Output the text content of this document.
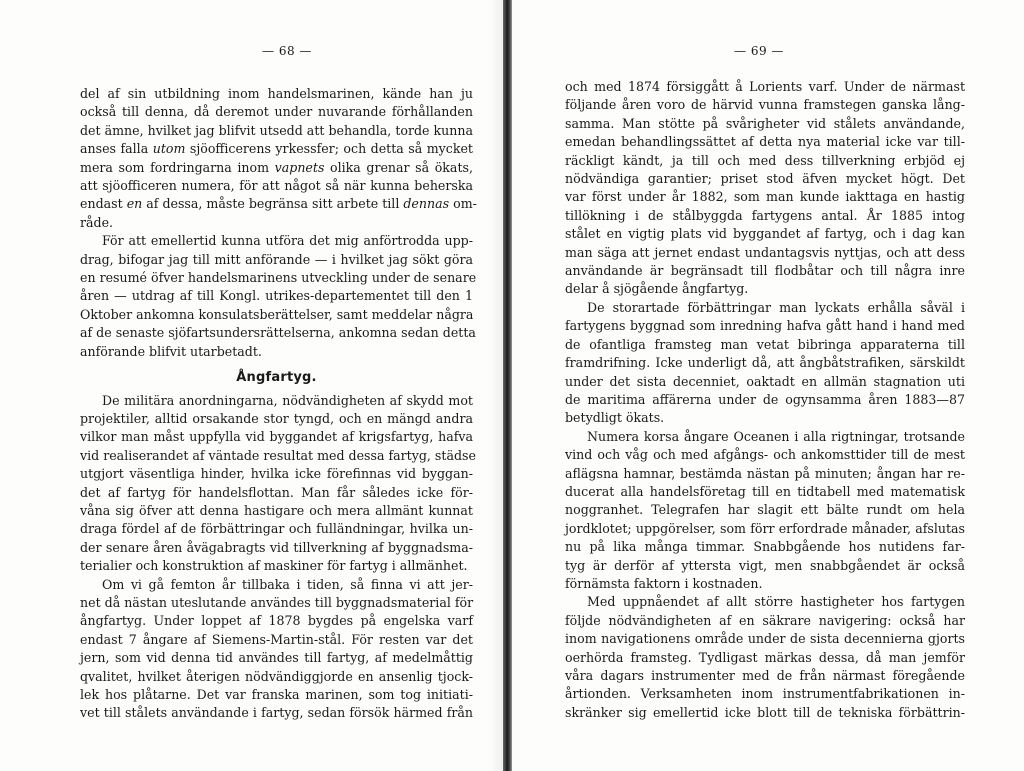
— 68 —
del af sin utbildning inom handelsmarinen, kände han ju
också till denna, då deremot under nuvarande förhållanden
det ämne, hvilket jag blifvit utsedd att behandla, torde kunna
anses falla utom sjöofficerens yrkessfer; och detta så mycket
mera som fordringarna inom vapnets olika grenar så ökats,
att sjöofficeren numera, för att något så när kunna beherska
endast en af dessa, måste begränsa sitt arbete till dennas om-
råde.
För att emellertid kunna utföra det mig anförtrodda upp-
drag, bifogar jag till mitt anförande — i hvilket jag sökt göra
en resumé öfver handelsmarinens utveckling under de senare
åren — utdrag af till Kongl. utrikes-departementet till den 1
Oktober ankomna konsulatsberättelser, samt meddelar några
af de senaste sjöfartsundersrättelserna, ankomna sedan detta
anförande blifvit utarbetadt.
Ångfartyg.
De militära anordningarna, nödvändigheten af skydd mot
projektiler, alltid orsakande stor tyngd, och en mängd andra
vilkor man måst uppfylla vid byggandet af krigsfartyg, hafva
vid realiserandet af väntade resultat med dessa fartyg, städse
utgjort väsentliga hinder, hvilka icke förefinnas vid byggan-
det af fartyg för handelsflottan. Man får således icke för-
våna sig öfver att denna hastigare och mera allmänt kunnat
draga fördel af de förbättringar och fulländningar, hvilka un-
der senare åren åvägabragts vid tillverkning af byggnadsma-
terialier och konstruktion af maskiner för fartyg i allmänhet.
Om vi gå femton år tillbaka i tiden, så finna vi att jer-
net då nästan uteslutande användes till byggnadsmaterial för
ångfartyg. Under loppet af 1878 bygdes på engelska varf
endast 7 ångare af Siemens-Martin-stål. För resten var det
jern, som vid denna tid användes till fartyg, af medelmåttig
qvalitet, hvilket återigen nödvändiggjorde en ansenlig tjock-
lek hos plåtarne. Det var franska marinen, som tog initiati-
vet till stålets användande i fartyg, sedan försök härmed från
— 69 —
och med 1874 försiggått å Lorients varf. Under de närmast
följande åren voro de härvid vunna framstegen ganska lång-
samma. Man stötte på svårigheter vid stålets användande,
emedan behandlingssättet af detta nya material icke var till-
räckligt kändt, ja till och med dess tillverkning erbjöd ej
nödvändiga garantier; priset stod äfven mycket högt. Det
var först under år 1882, som man kunde iakttaga en hastig
tillökning i de stålbyggda fartygens antal. År 1885 intog
stålet en vigtig plats vid byggandet af fartyg, och i dag kan
man säga att jernet endast undantagsvis nyttjas, och att dess
användande är begränsadt till flodbåtar och till några inre
delar å sjögående ångfartyg.
De storartade förbättringar man lyckats erhålla såväl i
fartygens byggnad som inredning hafva gått hand i hand med
de ofantliga framsteg man vetat bibringa apparaterna till
framdrifning. Icke underligt då, att ångbåtstrafiken, särskildt
under det sista decenniet, oaktadt en allmän stagnation uti
de maritima affärerna under de ogynsamma åren 1883—87
betydligt ökats.
Numera korsa ångare Oceanen i alla rigtningar, trotsande
vind och våg och med afgångs- och ankomsttider till de mest
aflägsna hamnar, bestämda nästan på minuten; ångan har re-
ducerat alla handelsföretag till en tidtabell med matematisk
noggranhet. Telegrafen har slagit ett bälte rundt om hela
jordklotet; uppgörelser, som förr erfordrade månader, afslutas
nu på lika många timmar. Snabbgående hos nutidens far-
tyg är derför af yttersta vigt, men snabbgåendet är också
förnämsta faktorn i kostnaden.
Med uppnåendet af allt större hastigheter hos fartygen
följde nödvändigheten af en säkrare navigering: också har
inom navigationens område under de sista decennierna gjorts
oerhörda framsteg. Tydligast märkas dessa, då man jemför
våra dagars instrumenter med de från närmast föregående
årtionden. Verksamheten inom instrumentfabrikationen in-
skränker sig emellertid icke blott till de tekniska förbättrin-
